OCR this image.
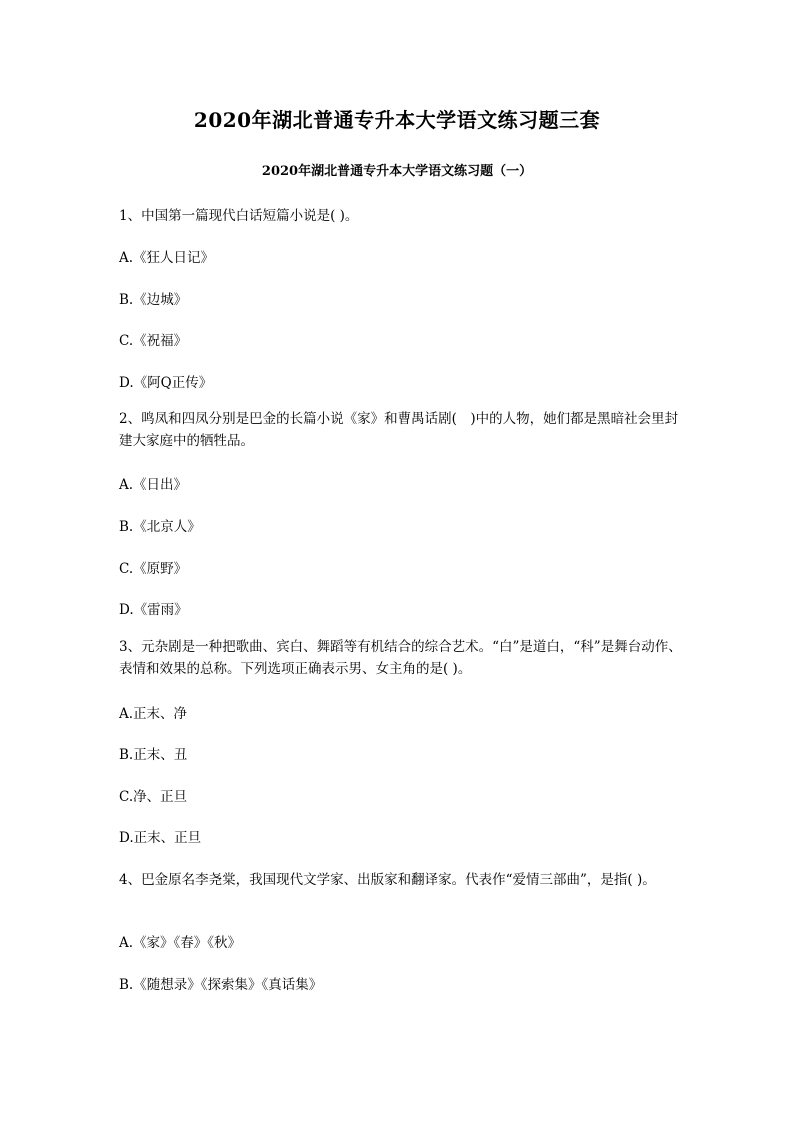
2020年湖北普通专升本大学语文练习题三套
2020年湖北普通专升本大学语文练习题（一）
1、中国第一篇现代白话短篇小说是( )。
A.《狂人日记》
B.《边城》
C.《祝福》
D.《阿Q正传》
2、鸣凤和四凤分别是巴金的长篇小说《家》和曹禺话剧(　)中的人物，她们都是黑暗社会里封建大家庭中的牺牲品。
A.《日出》
B.《北京人》
C.《原野》
D.《雷雨》
3、元杂剧是一种把歌曲、宾白、舞蹈等有机结合的综合艺术。“白”是道白，“科”是舞台动作、表情和效果的总称。下列选项正确表示男、女主角的是( )。
A.正末、净
B.正末、丑
C.净、正旦
D.正末、正旦
4、巴金原名李尧棠，我国现代文学家、出版家和翻译家。代表作“爱情三部曲”，是指( )。
A.《家》《春》《秋》
B.《随想录》《探索集》《真话集》
